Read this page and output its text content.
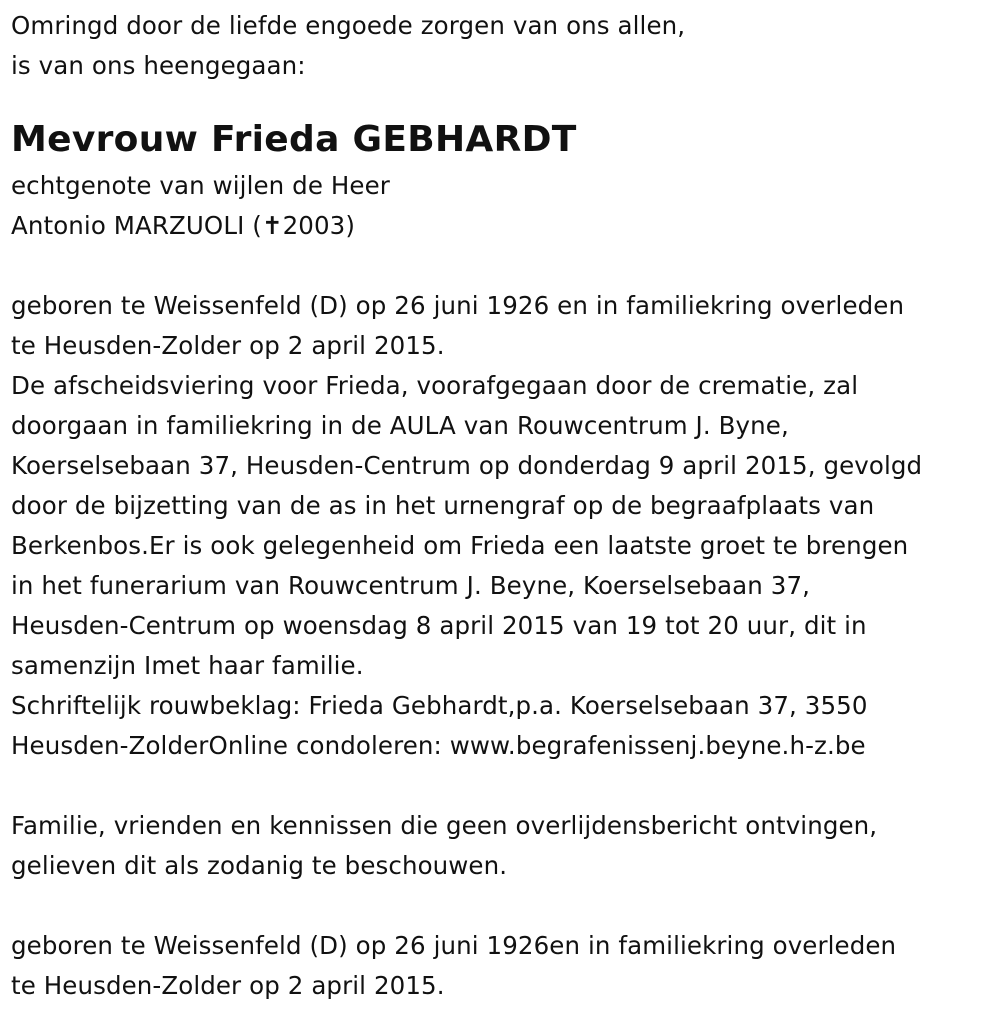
Omringd door de liefde engoede zorgen van ons allen,
is van ons heengegaan:
Mevrouw Frieda GEBHARDT
echtgenote van wijlen de Heer
Antonio MARZUOLI (✝2003)
geboren te Weissenfeld (D) op 26 juni 1926 en in familiekring overleden
te Heusden-Zolder op 2 april 2015.
De afscheidsviering voor Frieda, voorafgegaan door de crematie, zal
doorgaan in familiekring in de AULA van Rouwcentrum J. Byne,
Koerselsebaan 37, Heusden-Centrum op donderdag 9 april 2015, gevolgd
door de bijzetting van de as in het urnengraf op de begraafplaats van
Berkenbos.Er is ook gelegenheid om Frieda een laatste groet te brengen
in het funerarium van Rouwcentrum J. Beyne, Koerselsebaan 37,
Heusden-Centrum op woensdag 8 april 2015 van 19 tot 20 uur, dit in
samenzijn Imet haar familie.
Schriftelijk rouwbeklag: Frieda Gebhardt,p.a. Koerselsebaan 37, 3550
Heusden-ZolderOnline condoleren: www.begrafenissenj.beyne.h-z.be
Familie, vrienden en kennissen die geen overlijdensbericht ontvingen,
gelieven dit als zodanig te beschouwen.
geboren te Weissenfeld (D) op 26 juni 1926en in familiekring overleden
te Heusden-Zolder op 2 april 2015.
